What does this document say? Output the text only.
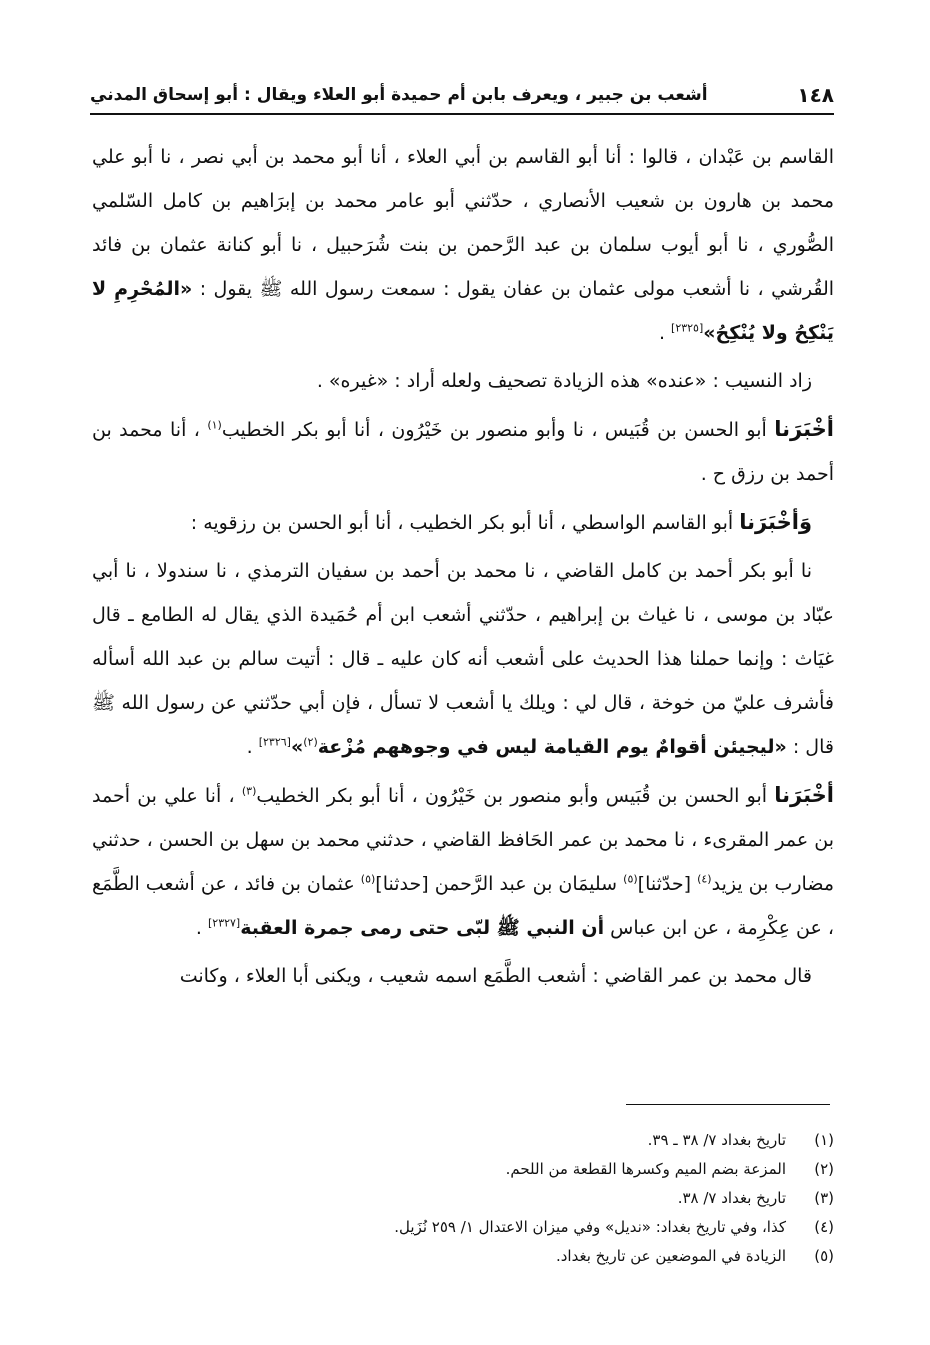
١٤٨
أشعب بن جبير ، ويعرف بابن أم حميدة أبو العلاء ويقال : أبو إسحاق المدني

القاسم بن عَبْدان ، قالوا : أنا أبو القاسم بن أبي العلاء ، أنا أبو محمد بن أبي نصر ، نا أبو علي محمد بن هارون بن شعيب الأنصاري ، حدّثني أبو عامر محمد بن إبرَاهيم بن كامل السّلمي الصُّوري ، نا أبو أيوب سلمان بن عبد الرَّحمن بن بنت شُرَحبيل ، نا أبو كنانة عثمان بن فائد القُرشي ، نا أشعب مولى عثمان بن عفان يقول : سمعت رسول الله ﷺ يقول : «المُحْرِمِ لا يَنْكِحُ ولا يُنْكِحُ»[٢٣٢٥] .

زاد النسيب : «عنده» هذه الزيادة تصحيف ولعله أراد : «غيره» .

أخْبَرَنا أبو الحسن بن قُبَيس ، نا وأبو منصور بن خَيْرُون ، أنا أبو بكر الخطيب$^{(١)}$ ، أنا محمد بن أحمد بن رزق ح .

وَأخْبَرَنا أبو القاسم الواسطي ، أنا أبو بكر الخطيب ، أنا أبو الحسن بن رزقويه :

نا أبو بكر أحمد بن كامل القاضي ، نا محمد بن أحمد بن سفيان الترمذي ، نا سندولا ، نا أبي عبّاد بن موسى ، نا غياث بن إبراهيم ، حدّثني أشعب ابن أم حُمَيدة الذي يقال له الطامع ـ قال غيَاث : وإنما حملنا هذا الحديث على أشعب أنه كان عليه ـ قال : أتيت سالم بن عبد الله أسأله فأشرف عليّ من خوخة ، قال لي : ويلك يا أشعب لا تسأل ، فإن أبي حدّثني عن رسول الله ﷺ قال : «ليجيئن أقوامٌ يوم القيامة ليس في وجوههم مُزْعة$^{(٢)}$»[٢٣٢٦] .

أخْبَرَنا أبو الحسن بن قُبَيس وأبو منصور بن خَيْرُون ، أنا أبو بكر الخطيب$^{(٣)}$ ، أنا علي بن أحمد بن عمر المقرىء ، نا محمد بن عمر الحَافظ القاضي ، حدثني محمد بن سهل بن الحسن ، حدثني مضارب بن يزيد$^{(٤)}$ [حدّثنا]$^{(٥)}$ سليمَان بن عبد الرَّحمن [حدثنا]$^{(٥)}$ عثمان بن فائد ، عن أشعب الطَّمَع ، عن عِكْرِمة ، عن ابن عباس أن النبي ﷺ لبّى حتى رمى جمرة العقبة[٢٣٢٧] .

قال محمد بن عمر القاضي : أشعب الطَّمَع اسمه شعيب ، ويكنى أبا العلاء ، وكانت

(١)
تاريخ بغداد ٧/ ٣٨ ـ ٣٩.
(٢)
المزعة بضم الميم وكسرها القطعة من اللحم.
(٣)
تاريخ بغداد ٧/ ٣٨.
(٤)
كذا، وفي تاريخ بغداد: «نديل» وفي ميزان الاعتدال ١/ ٢٥٩ نُزَيل.
(٥)
الزيادة في الموضعين عن تاريخ بغداد.
